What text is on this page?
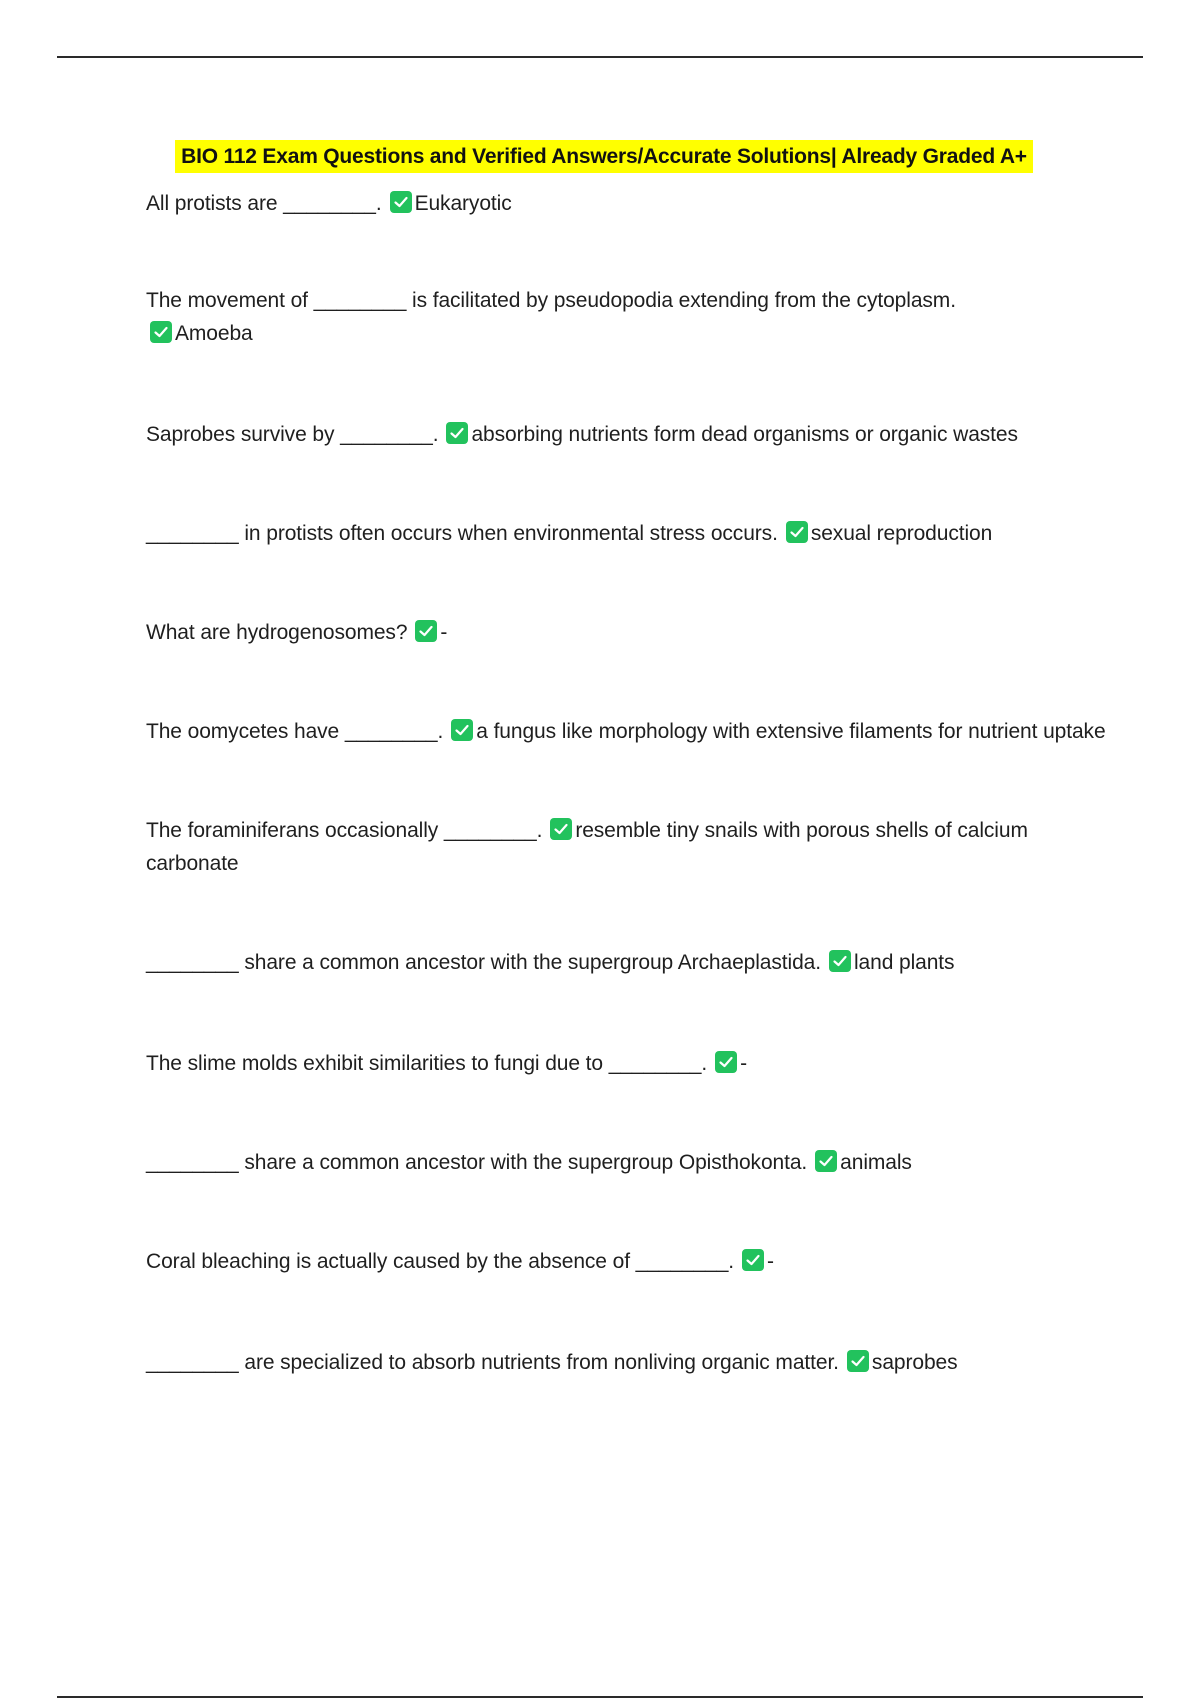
BIO 112 Exam Questions and Verified Answers/Accurate Solutions| Already Graded A+
All protists are ________. Eukaryotic
The movement of ________ is facilitated by pseudopodia extending from the cytoplasm.

Amoeba
Saprobes survive by ________. absorbing nutrients form dead organisms or organic wastes
________ in protists often occurs when environmental stress occurs. sexual reproduction
What are hydrogenosomes? -
The oomycetes have ________. a fungus like morphology with extensive filaments for nutrient uptake
The foraminiferans occasionally ________. resemble tiny snails with porous shells of calcium carbonate
________ share a common ancestor with the supergroup Archaeplastida. land plants
The slime molds exhibit similarities to fungi due to ________. -
________ share a common ancestor with the supergroup Opisthokonta. animals
Coral bleaching is actually caused by the absence of ________. -
________ are specialized to absorb nutrients from nonliving organic matter. saprobes
